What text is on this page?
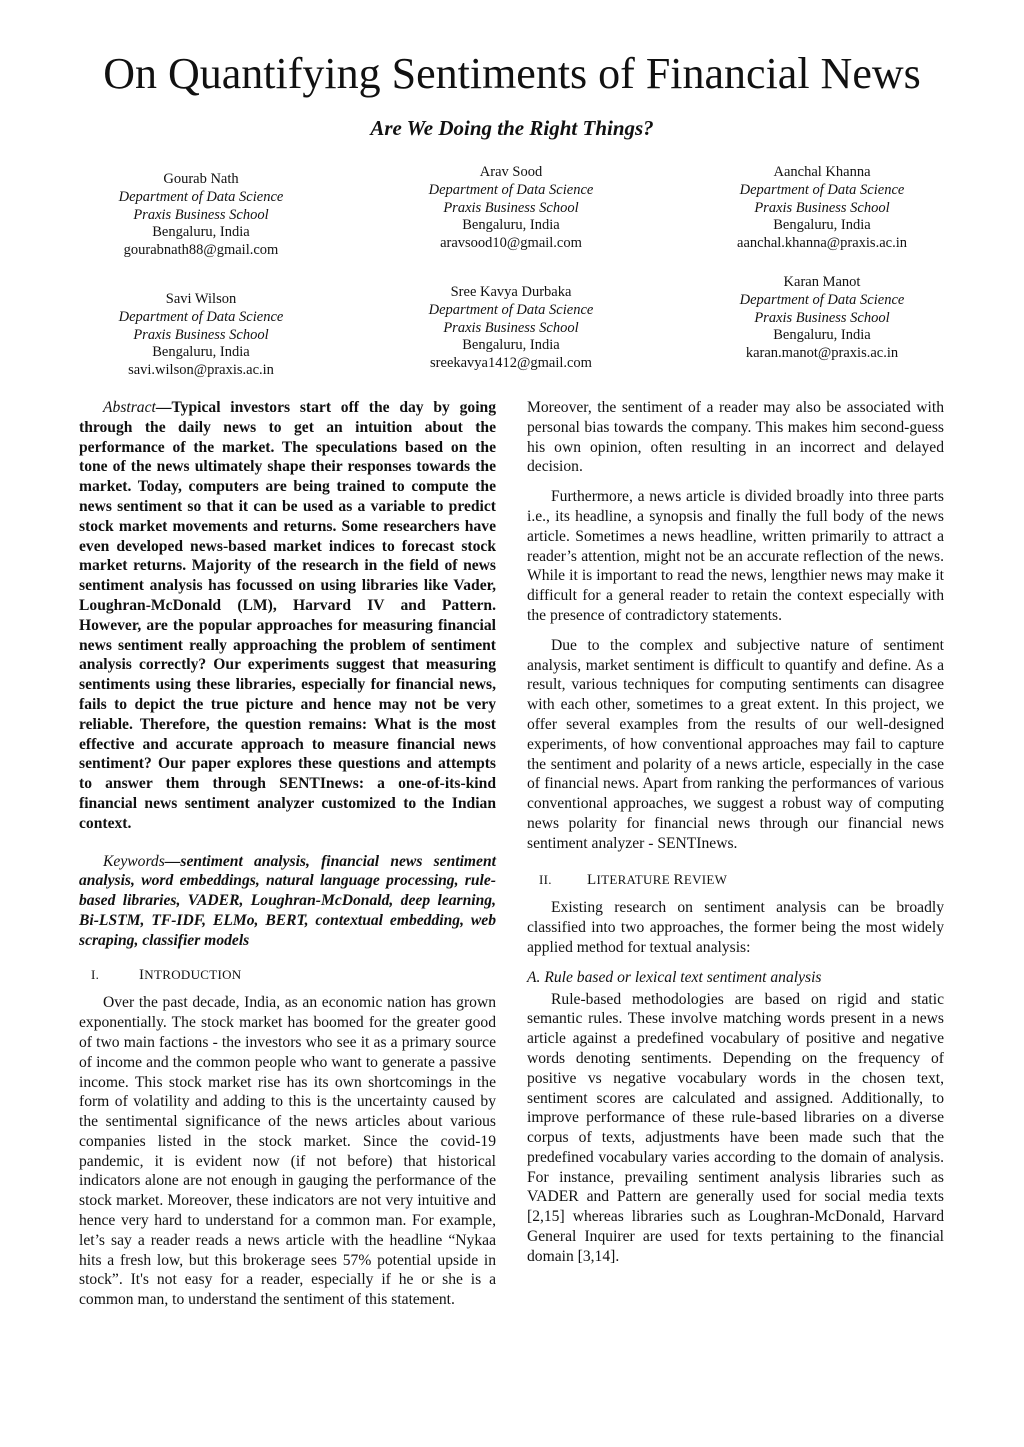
On Quantifying Sentiments of Financial News
Are We Doing the Right Things?
Gourab Nath
Department of Data Science
Praxis Business School
Bengaluru, India
gourabnath88@gmail.com
Arav Sood
Department of Data Science
Praxis Business School
Bengaluru, India
aravsood10@gmail.com
Aanchal Khanna
Department of Data Science
Praxis Business School
Bengaluru, India
aanchal.khanna@praxis.ac.in
Savi Wilson
Department of Data Science
Praxis Business School
Bengaluru, India
savi.wilson@praxis.ac.in
Sree Kavya Durbaka
Department of Data Science
Praxis Business School
Bengaluru, India
sreekavya1412@gmail.com
Karan Manot
Department of Data Science
Praxis Business School
Bengaluru, India
karan.manot@praxis.ac.in

Abstract—Typical investors start off the day by going through the daily news to get an intuition about the performance of the market. The speculations based on the tone of the news ultimately shape their responses towards the market. Today, computers are being trained to compute the news sentiment so that it can be used as a variable to predict stock market movements and returns. Some researchers have even developed news-based market indices to forecast stock market returns. Majority of the research in the field of news sentiment analysis has focussed on using libraries like Vader, Loughran-McDonald (LM), Harvard IV and Pattern. However, are the popular approaches for measuring financial news sentiment really approaching the problem of sentiment analysis correctly? Our experiments suggest that measuring sentiments using these libraries, especially for financial news, fails to depict the true picture and hence may not be very reliable. Therefore, the question remains: What is the most effective and accurate approach to measure financial news sentiment? Our paper explores these questions and attempts to answer them through SENTInews: a one-of-its-kind financial news sentiment analyzer customized to the Indian context.

Keywords—sentiment analysis, financial news sentiment analysis, word embeddings, natural language processing, rule-based libraries, VADER, Loughran-McDonald, deep learning, Bi-LSTM, TF-IDF, ELMo, BERT, contextual embedding, web scraping, classifier models

I.	INTRODUCTION

Over the past decade, India, as an economic nation has grown exponentially. The stock market has boomed for the greater good of two main factions - the investors who see it as a primary source of income and the common people who want to generate a passive income. This stock market rise has its own shortcomings in the form of volatility and adding to this is the uncertainty caused by the sentimental significance of the news articles about various companies listed in the stock market. Since the covid-19 pandemic, it is evident now (if not before) that historical indicators alone are not enough in gauging the performance of the stock market. Moreover, these indicators are not very intuitive and hence very hard to understand for a common man. For example, let’s say a reader reads a news article with the headline “Nykaa hits a fresh low, but this brokerage sees 57% potential upside in stock”. It's not easy for a reader, especially if he or she is a common man, to understand the sentiment of this statement.

Moreover, the sentiment of a reader may also be associated with personal bias towards the company. This makes him second-guess his own opinion, often resulting in an incorrect and delayed decision.

Furthermore, a news article is divided broadly into three parts i.e., its headline, a synopsis and finally the full body of the news article. Sometimes a news headline, written primarily to attract a reader’s attention, might not be an accurate reflection of the news. While it is important to read the news, lengthier news may make it difficult for a general reader to retain the context especially with the presence of contradictory statements.

Due to the complex and subjective nature of sentiment analysis, market sentiment is difficult to quantify and define. As a result, various techniques for computing sentiments can disagree with each other, sometimes to a great extent. In this project, we offer several examples from the results of our well-designed experiments, of how conventional approaches may fail to capture the sentiment and polarity of a news article, especially in the case of financial news. Apart from ranking the performances of various conventional approaches, we suggest a robust way of computing news polarity for financial news through our financial news sentiment analyzer - SENTInews.

II. LITERATURE REVIEW

Existing research on sentiment analysis can be broadly classified into two approaches, the former being the most widely applied method for textual analysis:

A. Rule based or lexical text sentiment analysis

Rule-based methodologies are based on rigid and static semantic rules. These involve matching words present in a news article against a predefined vocabulary of positive and negative words denoting sentiments. Depending on the frequency of positive vs negative vocabulary words in the chosen text, sentiment scores are calculated and assigned. Additionally, to improve performance of these rule-based libraries on a diverse corpus of texts, adjustments have been made such that the predefined vocabulary varies according to the domain of analysis. For instance, prevailing sentiment analysis libraries such as VADER and Pattern are generally used for social media texts [2,15] whereas libraries such as Loughran-McDonald, Harvard General Inquirer are used for texts pertaining to the financial domain [3,14].
